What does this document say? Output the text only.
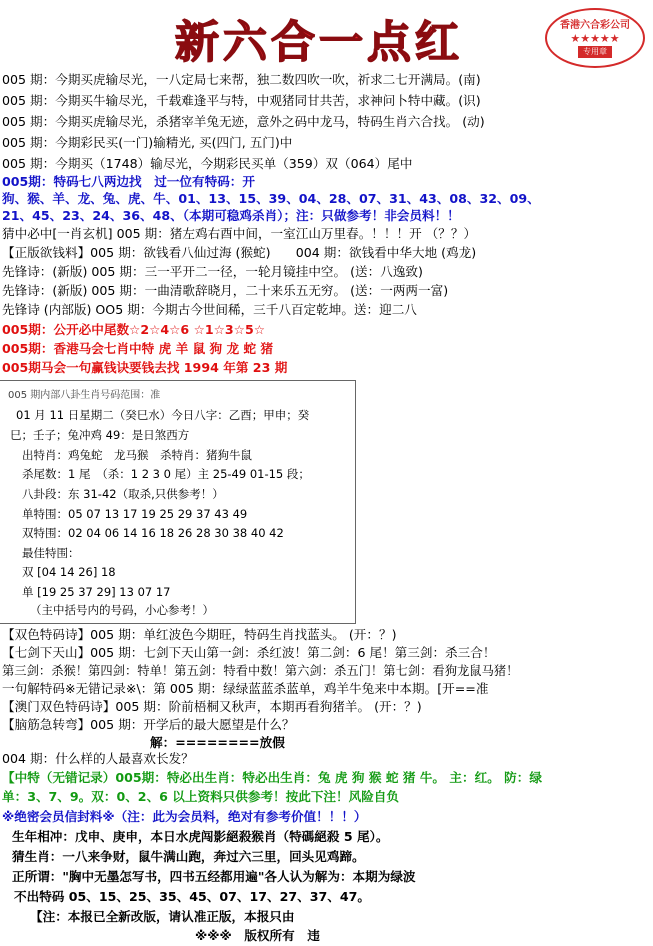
新六合一点红	香港六合彩公司
★★★★★
专用章
005 期：今期买虎输尽光，一八定局七来帮，独二数四吹一吹，祈求二七开满局。(南)
005 期：今期买牛输尽光，千载难逢平与特，中观猪同甘共苦，求神问卜特中藏。(识)
005 期：今期买虎输尽光，杀猪宰羊兔无迹，意外之码中龙马，特码生肖六合找。 (动)
005 期：今期彩民买(一门)输精光, 买(四门, 五门)中
005 期：今期买（1748）输尽光，今期彩民买单（359）双（064）尾中
005期：特码七八两边找　过一位有特码：开
狗、猴、羊、龙、兔、虎、牛、01、13、15、39、04、28、07、31、43、08、32、09、
21、45、23、24、36、48、（本期可稳鸡杀肖）；注：只做参考！非会员料！！
猜中必中[一肖玄机] 005 期：猪左鸡右酉中间，一室江山万里春。！！！开 （？？）
【正版欲钱料】005 期：欲钱看八仙过海 (猴蛇)　　004 期：欲钱看中华大地 (鸡龙)
先锋诗：(新版) 005 期：三一平开二一径，一轮月镜挂中空。 (送：八逸致)
先锋诗：(新版) 005 期：一曲清歌辞晓月，二十来乐五无穷。 (送：一两两一富)
先锋诗 (内部版) OO5 期：今期古今世间稀，三千八百定乾坤。送：迎二八
005期：公开必中尾数☆2☆4☆6 ☆1☆3☆5☆
005期：香港马会七肖中特 虎 羊 鼠 狗 龙 蛇 猪
005期马会一句赢钱诀要钱去找 1994 年第 23 期
005 期内部八卦生肖号码范围：准
01 月 11 日星期二（癸巳水）今日八字：乙酉；甲申；癸
巳；壬子；兔冲鸡 49：是日煞西方
出特肖：鸡兔蛇　龙马猴　杀特肖：猪狗牛鼠
杀尾数：1 尾　（杀：1 2 3 0 尾）主 25-49 01-15 段；
八卦段：东 31-42（取杀,只供参考！）
单特围：05 07 13 17 19 25 29 37 43 49
双特围：02 04 06 14 16 18 26 28 30 38 40 42
最佳特围：
双 [04 14 26] 18
单 [19 25 37 29] 13 07 17
（主中括号内的号码，小心参考！）
【双色特码诗】005 期：单红波色今期旺，特码生肖找蓝头。 (开：？)
【七剑下天山】005 期：七剑下天山第一剑：杀红波！第二剑：6 尾！第三剑：杀三合！
第三剑：杀猴！第四剑：特单！第五剑：特看中数！第六剑：杀五门！第七剑：看狗龙鼠马猪！
一句解特码※无错记录※\：第 005 期：绿绿蓝蓝杀蓝单，鸡羊牛兔来中本期。[开==准
【澳门双色特码诗】005 期：阶前梧桐又秋声，本期再看狗猪羊。 (开：？)
【脑筋急转弯】005 期：开学后的最大愿望是什么？
解：========放假
004 期：什么样的人最喜欢长发？
【中特（无错记录）005期：特必出生肖：特必出生肖：兔 虎 狗 猴 蛇 猪 牛。 主：红。 防：绿
单：3、7、9。双：0、2、6 以上资料只供参考！按此下注！风险自负
※绝密会员信封料※（注：此为会员料，绝对有参考价值！！！）
生年相冲：戊申、庚申，本日水虎闯影絕殺猴肖（特碼絕殺 5 尾）。
猜生肖：一八来争财，鼠牛满山跑，奔过六三里，回头见鸡蹄。
正所谓："胸中无墨怎写书，四书五经都用遍"各人认为解为：本期为绿波
不出特码 05、15、25、35、45、07、17、27、37、47。
【注：本报已全新改版，请认准正版，本报只由
※※※　版权所有　违
